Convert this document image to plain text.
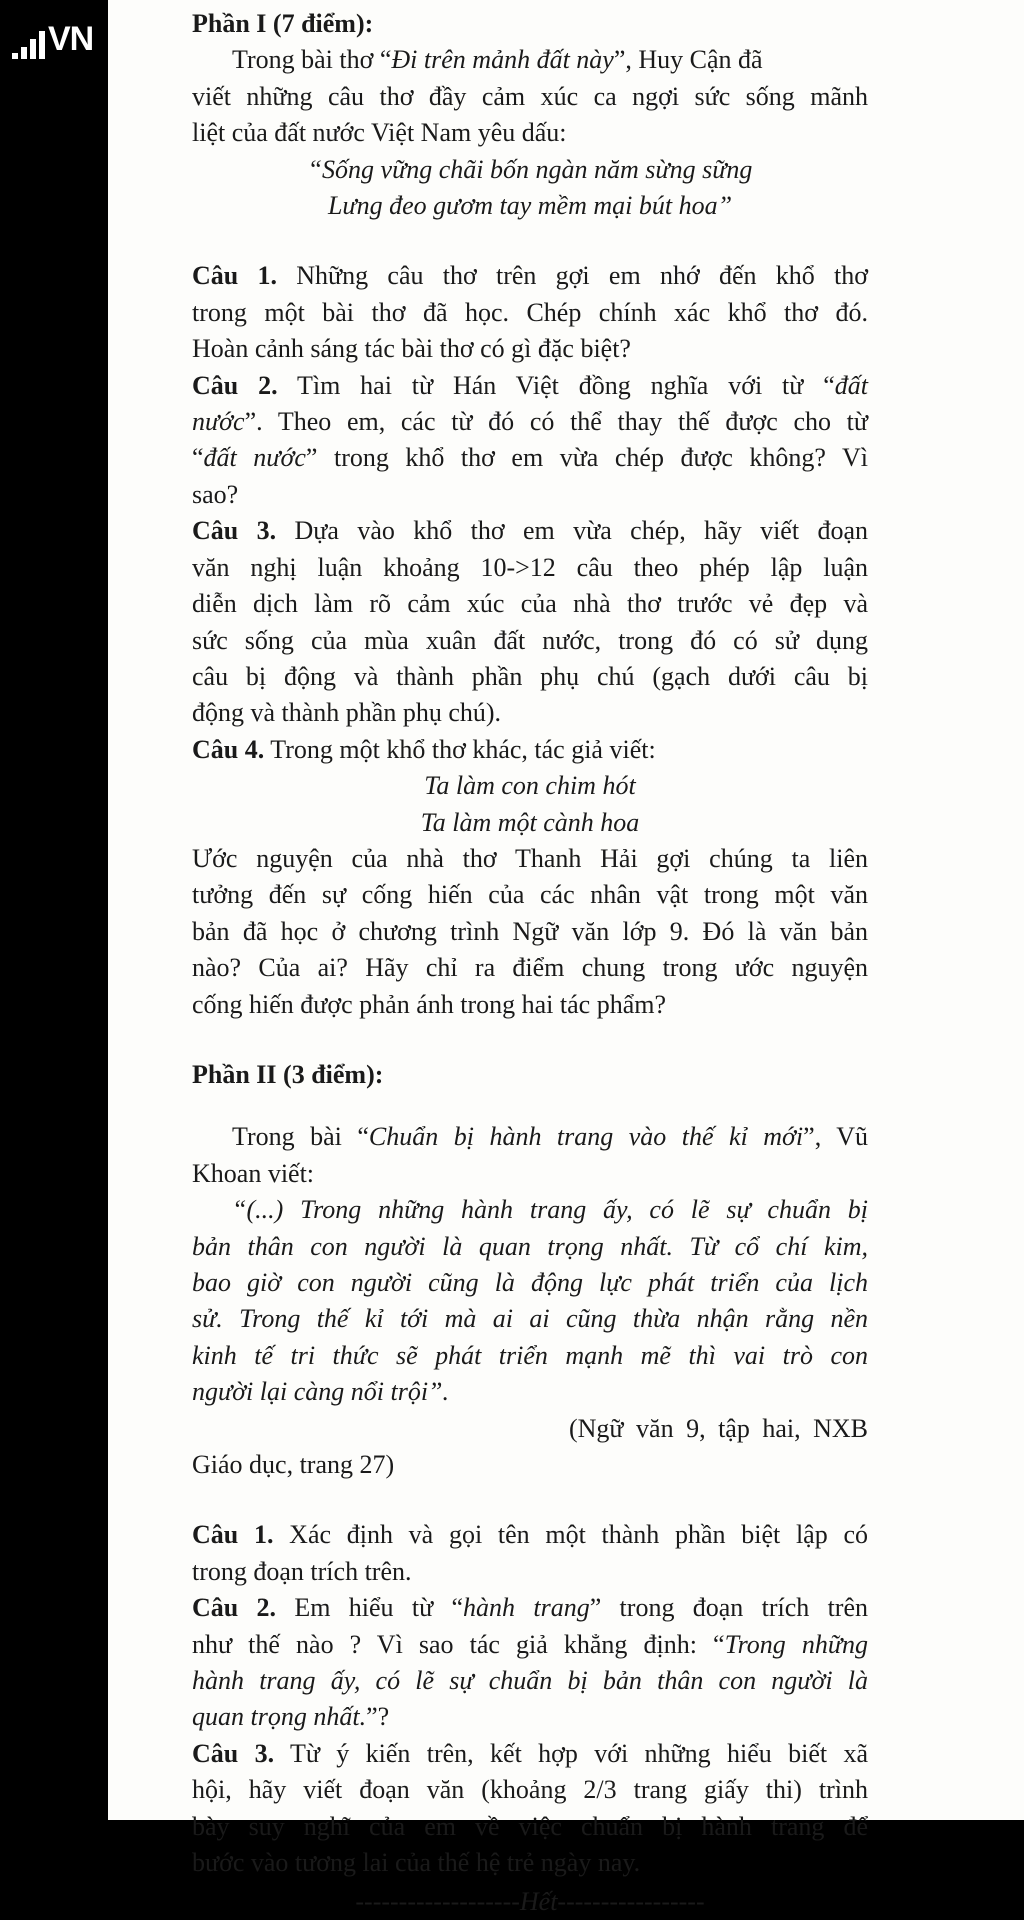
VN	Phần I (7 điểm):
Trong bài thơ “Đi trên mảnh đất này”, Huy Cận đã
viết những câu thơ đầy cảm xúc ca ngợi sức sống mãnh
liệt của đất nước Việt Nam yêu dấu:
“Sống vững chãi bốn ngàn năm sừng sững
Lưng đeo gươm tay mềm mại bút hoa”
Câu 1. Những câu thơ trên gợi em nhớ đến khổ thơ
trong một bài thơ đã học. Chép chính xác khổ thơ đó.
Hoàn cảnh sáng tác bài thơ có gì đặc biệt?
Câu 2. Tìm hai từ Hán Việt đồng nghĩa với từ “đất
nước”. Theo em, các từ đó có thể thay thế được cho từ
“đất nước” trong khổ thơ em vừa chép được không? Vì
sao?
Câu 3. Dựa vào khổ thơ em vừa chép, hãy viết đoạn
văn nghị luận khoảng 10->12 câu theo phép lập luận
diễn dịch làm rõ cảm xúc của nhà thơ trước vẻ đẹp và
sức sống của mùa xuân đất nước, trong đó có sử dụng
câu bị động và thành phần phụ chú (gạch dưới câu bị
động và thành phần phụ chú).
Câu 4. Trong một khổ thơ khác, tác giả viết:
Ta làm con chim hót
Ta làm một cành hoa
Ước nguyện của nhà thơ Thanh Hải gợi chúng ta liên
tưởng đến sự cống hiến của các nhân vật trong một văn
bản đã học ở chương trình Ngữ văn lớp 9. Đó là văn bản
nào? Của ai? Hãy chỉ ra điểm chung trong ước nguyện
cống hiến được phản ánh trong hai tác phẩm?
Phần II (3 điểm):
Trong bài “Chuẩn bị hành trang vào thế kỉ mới”, Vũ
Khoan viết:
“(...) Trong những hành trang ấy, có lẽ sự chuẩn bị
bản thân con người là quan trọng nhất. Từ cổ chí kim,
bao giờ con người cũng là động lực phát triển của lịch
sử. Trong thế kỉ tới mà ai ai cũng thừa nhận rằng nền
kinh tế tri thức sẽ phát triển mạnh mẽ thì vai trò con
người lại càng nổi trội”.
(Ngữ văn 9, tập hai, NXB
Giáo dục, trang 27)
Câu 1. Xác định và gọi tên một thành phần biệt lập có
trong đoạn trích trên.
Câu 2. Em hiểu từ “hành trang” trong đoạn trích trên
như thế nào ? Vì sao tác giả khẳng định: “Trong những
hành trang ấy, có lẽ sự chuẩn bị bản thân con người là
quan trọng nhất.”?
Câu 3. Từ ý kiến trên, kết hợp với những hiểu biết xã
hội, hãy viết đoạn văn (khoảng 2/3 trang giấy thi) trình
bày suy nghĩ của em về việc chuẩn bị hành trang để
bước vào tương lai của thế hệ trẻ ngày nay.
-------------------Hết-----------------
